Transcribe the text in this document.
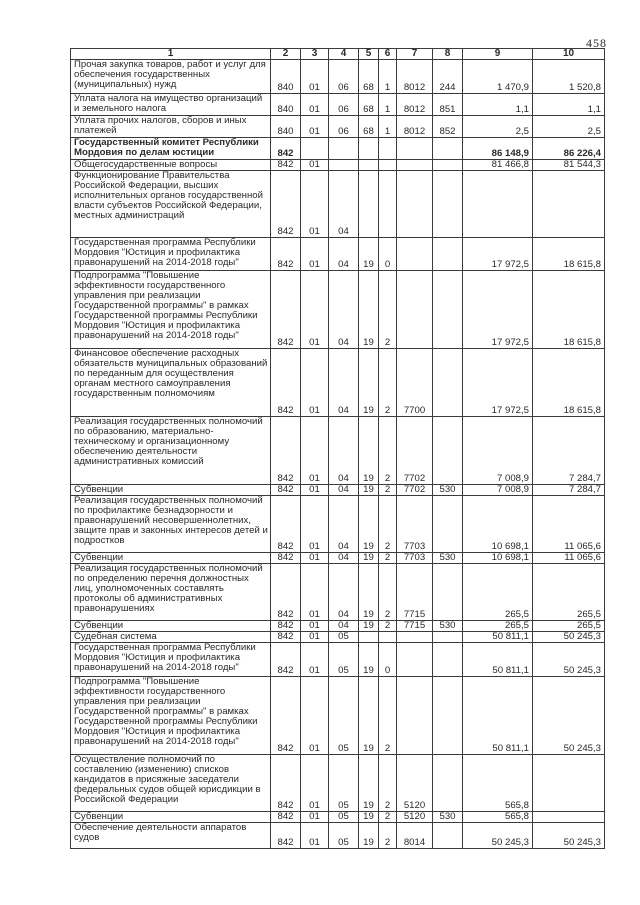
458
1	2	3	4	5	6	7	8	9	10
Прочая закупка товаров, работ и услуг для обеспечения государственных (муниципальных) нужд	840	01	06	68	1	8012	244	1 470,9	1 520,8
Уплата налога на имущество организаций и земельного налога	840	01	06	68	1	8012	851	1,1	1,1
Уплата прочих налогов, сборов и иных платежей	840	01	06	68	1	8012	852	2,5	2,5
Государственный комитет Республики Мордовия по делам юстиции	842							86 148,9	86 226,4
Общегосударственные вопросы	842	01						81 466,8	81 544,3
Функционирование Правительства Российской Федерации, высших исполнительных органов государственной власти субъектов Российской Федерации, местных администраций	842	01	04						
Государственная программа Республики Мордовия "Юстиция и профилактика правонарушений на 2014-2018 годы"	842	01	04	19	0			17 972,5	18 615,8
Подпрограмма "Повышение эффективности государственного управления при реализации Государственной программы" в рамках Государственной программы Республики Мордовия "Юстиция и профилактика правонарушений на 2014-2018 годы"	842	01	04	19	2			17 972,5	18 615,8
Финансовое обеспечение расходных обязательств муниципальных образований по переданным для осуществления органам местного самоуправления государственным полномочиям	842	01	04	19	2	7700		17 972,5	18 615,8
Реализация государственных полномочий по образованию, материально-техническому и организационному обеспечению деятельности административных комиссий	842	01	04	19	2	7702		7 008,9	7 284,7
Субвенции	842	01	04	19	2	7702	530	7 008,9	7 284,7
Реализация государственных полномочий по профилактике безнадзорности и правонарушений несовершеннолетних, защите прав и законных интересов детей и подростков	842	01	04	19	2	7703		10 698,1	11 065,6
Субвенции	842	01	04	19	2	7703	530	10 698,1	11 065,6
Реализация государственных полномочий по определению перечня должностных лиц, уполномоченных составлять протоколы об административных правонарушениях	842	01	04	19	2	7715		265,5	265,5
Субвенции	842	01	04	19	2	7715	530	265,5	265,5
Судебная система	842	01	05					50 811,1	50 245,3
Государственная программа Республики Мордовия "Юстиция и профилактика правонарушений на 2014-2018 годы"	842	01	05	19	0			50 811,1	50 245,3
Подпрограмма "Повышение эффективности государственного управления при реализации Государственной программы" в рамках Государственной программы Республики Мордовия "Юстиция и профилактика правонарушений на 2014-2018 годы"	842	01	05	19	2			50 811,1	50 245,3
Осуществление полномочий по составлению (изменению) списков кандидатов в присяжные заседатели федеральных судов общей юрисдикции в Российской Федерации	842	01	05	19	2	5120		565,8	
Субвенции	842	01	05	19	2	5120	530	565,8	
Обеспечение деятельности аппаратов судов	842	01	05	19	2	8014		50 245,3	50 245,3
